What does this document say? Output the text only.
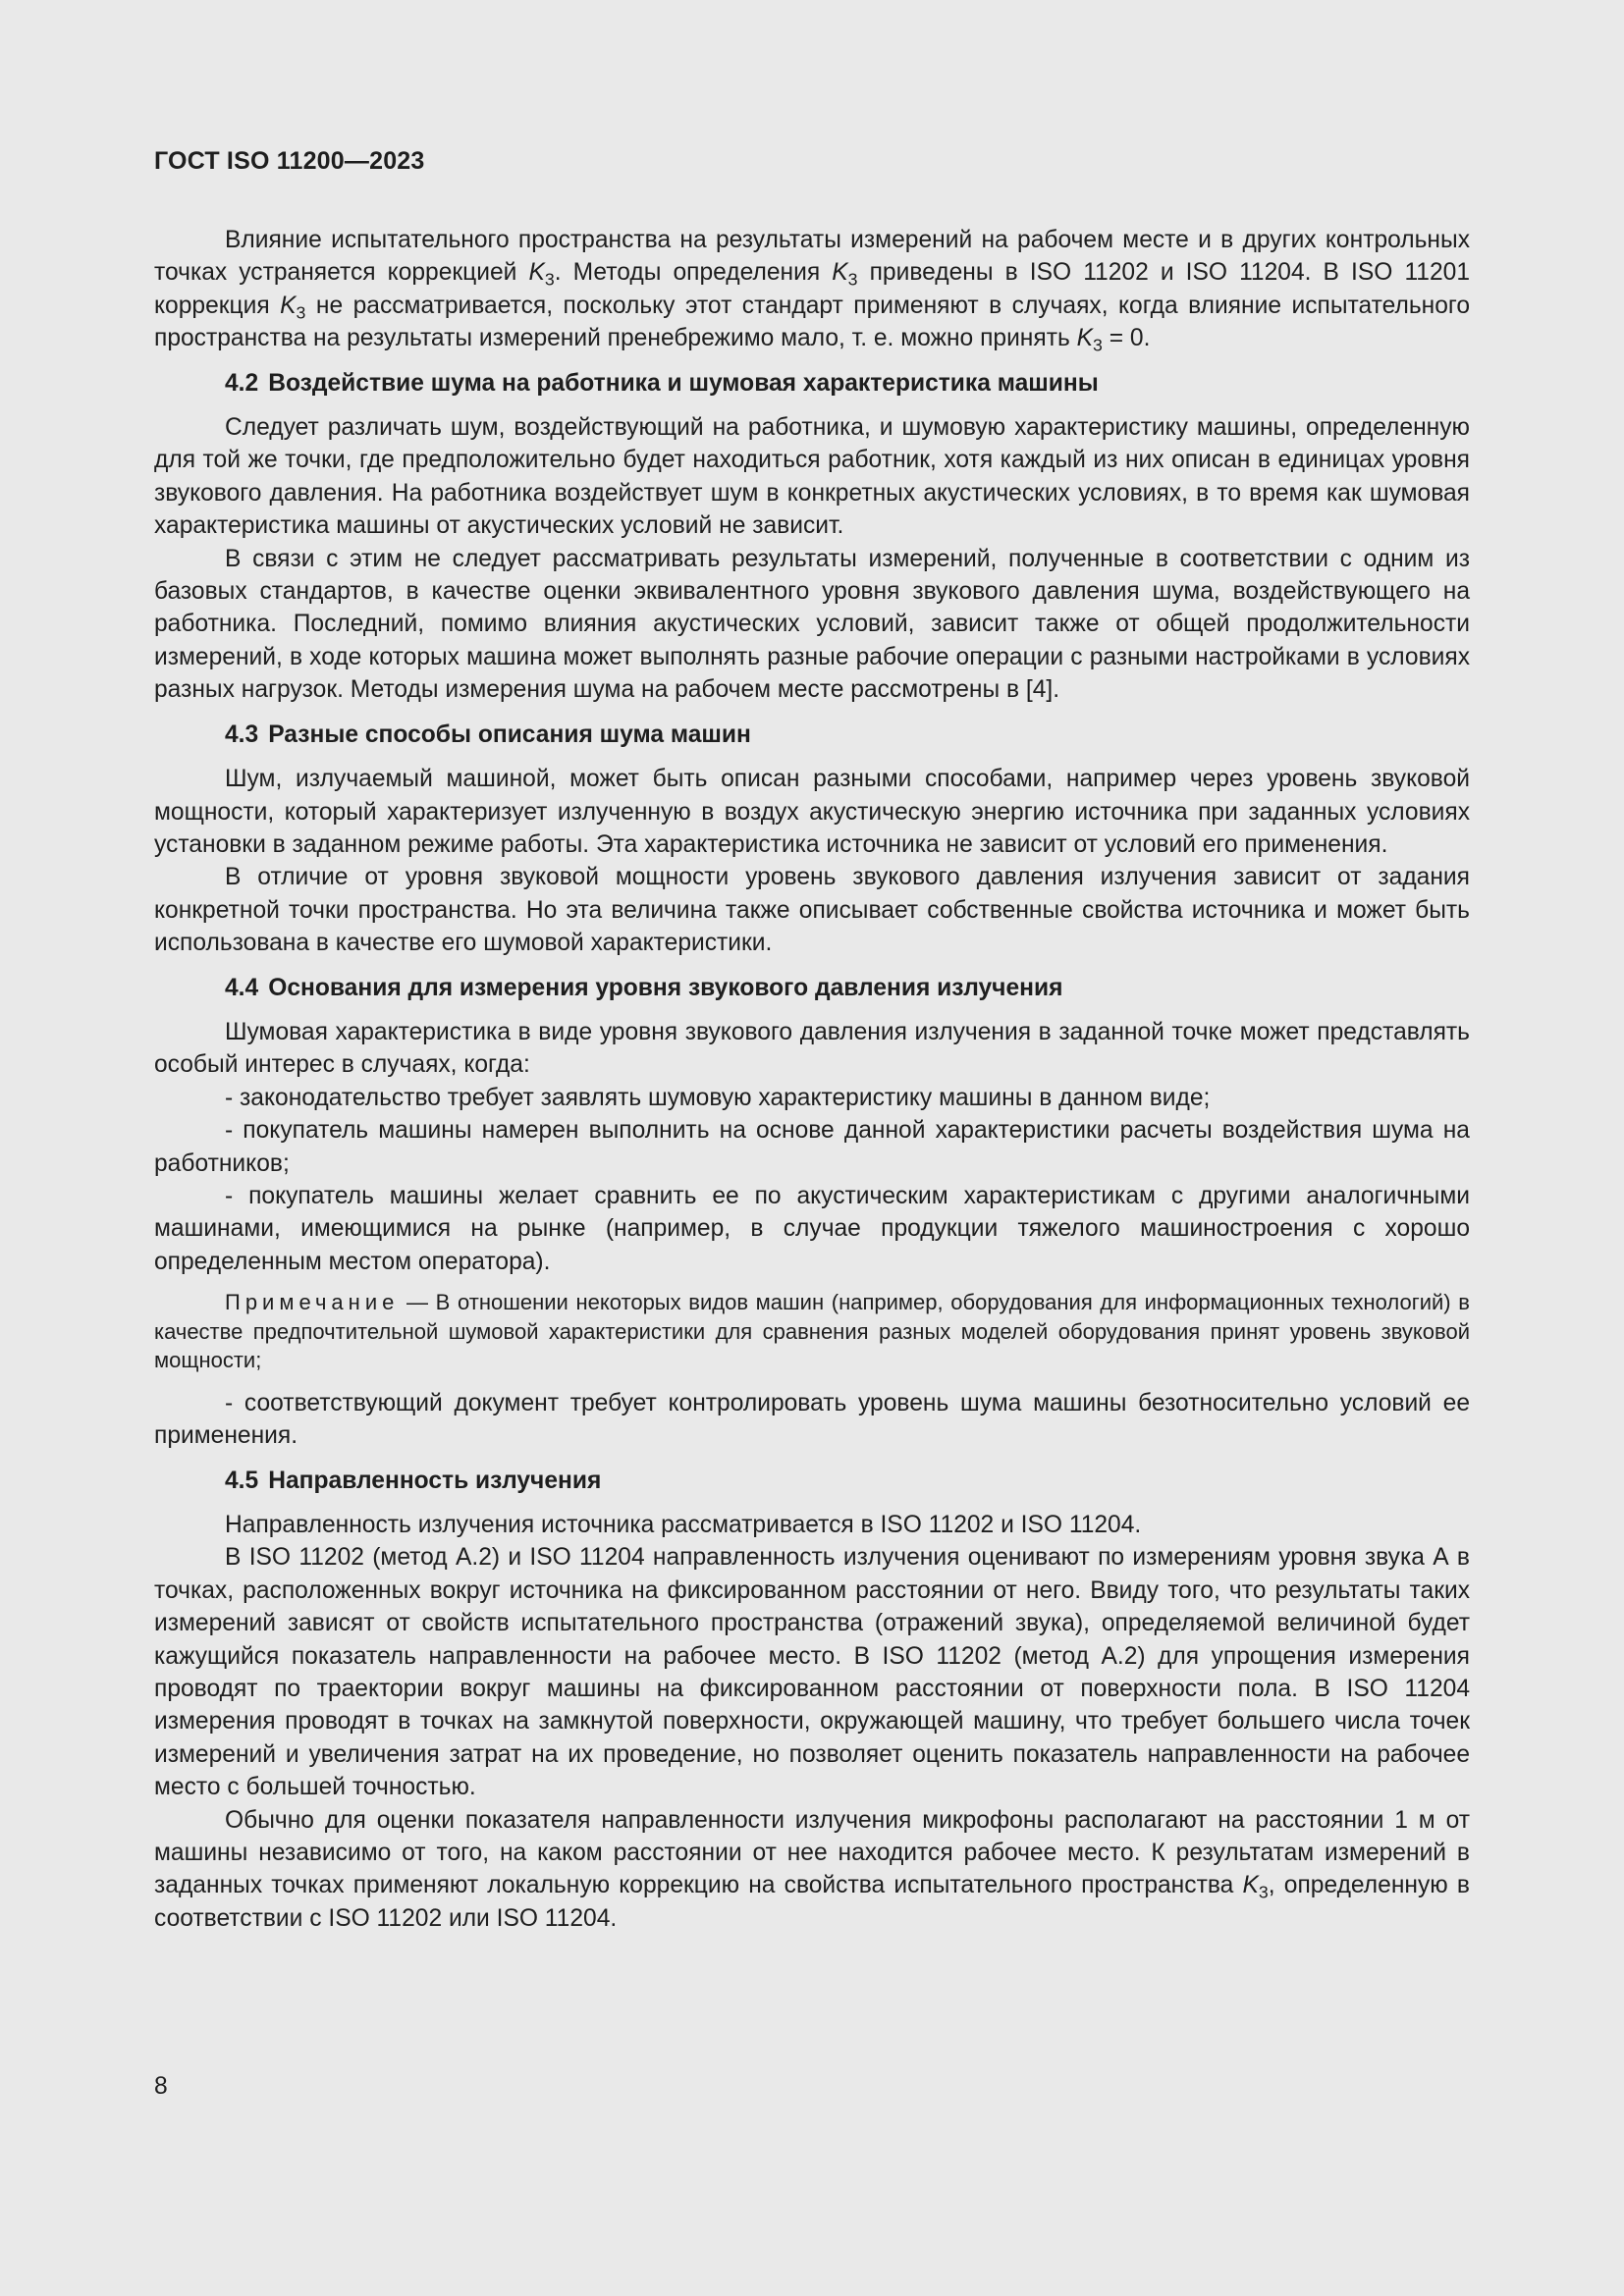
ГОСТ ISO 11200—2023

Влияние испытательного пространства на результаты измерений на рабочем месте и в других контрольных точках устраняется коррекцией $K_3$. Методы определения $K_3$ приведены в ISO 11202 и ISO 11204. В ISO 11201 коррекция $K_3$ не рассматривается, поскольку этот стандарт применяют в случаях, когда влияние испытательного пространства на результаты измерений пренебрежимо мало, т. е. можно принять $K_3 = 0$.

4.2 Воздействие шума на работника и шумовая характеристика машины

Следует различать шум, воздействующий на работника, и шумовую характеристику машины, определенную для той же точки, где предположительно будет находиться работник, хотя каждый из них описан в единицах уровня звукового давления. На работника воздействует шум в конкретных акустических условиях, в то время как шумовая характеристика машины от акустических условий не зависит.

В связи с этим не следует рассматривать результаты измерений, полученные в соответствии с одним из базовых стандартов, в качестве оценки эквивалентного уровня звукового давления шума, воздействующего на работника. Последний, помимо влияния акустических условий, зависит также от общей продолжительности измерений, в ходе которых машина может выполнять разные рабочие операции с разными настройками в условиях разных нагрузок. Методы измерения шума на рабочем месте рассмотрены в [4].

4.3 Разные способы описания шума машин

Шум, излучаемый машиной, может быть описан разными способами, например через уровень звуковой мощности, который характеризует излученную в воздух акустическую энергию источника при заданных условиях установки в заданном режиме работы. Эта характеристика источника не зависит от условий его применения.

В отличие от уровня звуковой мощности уровень звукового давления излучения зависит от задания конкретной точки пространства. Но эта величина также описывает собственные свойства источника и может быть использована в качестве его шумовой характеристики.

4.4 Основания для измерения уровня звукового давления излучения

Шумовая характеристика в виде уровня звукового давления излучения в заданной точке может представлять особый интерес в случаях, когда:

- законодательство требует заявлять шумовую характеристику машины в данном виде;

- покупатель машины намерен выполнить на основе данной характеристики расчеты воздействия шума на работников;

- покупатель машины желает сравнить ее по акустическим характеристикам с другими аналогичными машинами, имеющимися на рынке (например, в случае продукции тяжелого машиностроения с хорошо определенным местом оператора).

Примечание — В отношении некоторых видов машин (например, оборудования для информационных технологий) в качестве предпочтительной шумовой характеристики для сравнения разных моделей оборудования принят уровень звуковой мощности;

- соответствующий документ требует контролировать уровень шума машины безотносительно условий ее применения.

4.5 Направленность излучения

Направленность излучения источника рассматривается в ISO 11202 и ISO 11204.

В ISO 11202 (метод А.2) и ISO 11204 направленность излучения оценивают по измерениям уровня звука А в точках, расположенных вокруг источника на фиксированном расстоянии от него. Ввиду того, что результаты таких измерений зависят от свойств испытательного пространства (отражений звука), определяемой величиной будет кажущийся показатель направленности на рабочее место. В ISO 11202 (метод А.2) для упрощения измерения проводят по траектории вокруг машины на фиксированном расстоянии от поверхности пола. В ISO 11204 измерения проводят в точках на замкнутой поверхности, окружающей машину, что требует большего числа точек измерений и увеличения затрат на их проведение, но позволяет оценить показатель направленности на рабочее место с большей точностью.

Обычно для оценки показателя направленности излучения микрофоны располагают на расстоянии 1 м от машины независимо от того, на каком расстоянии от нее находится рабочее место. К результатам измерений в заданных точках применяют локальную коррекцию на свойства испытательного пространства $K_3$, определенную в соответствии с ISO 11202 или ISO 11204.

8
